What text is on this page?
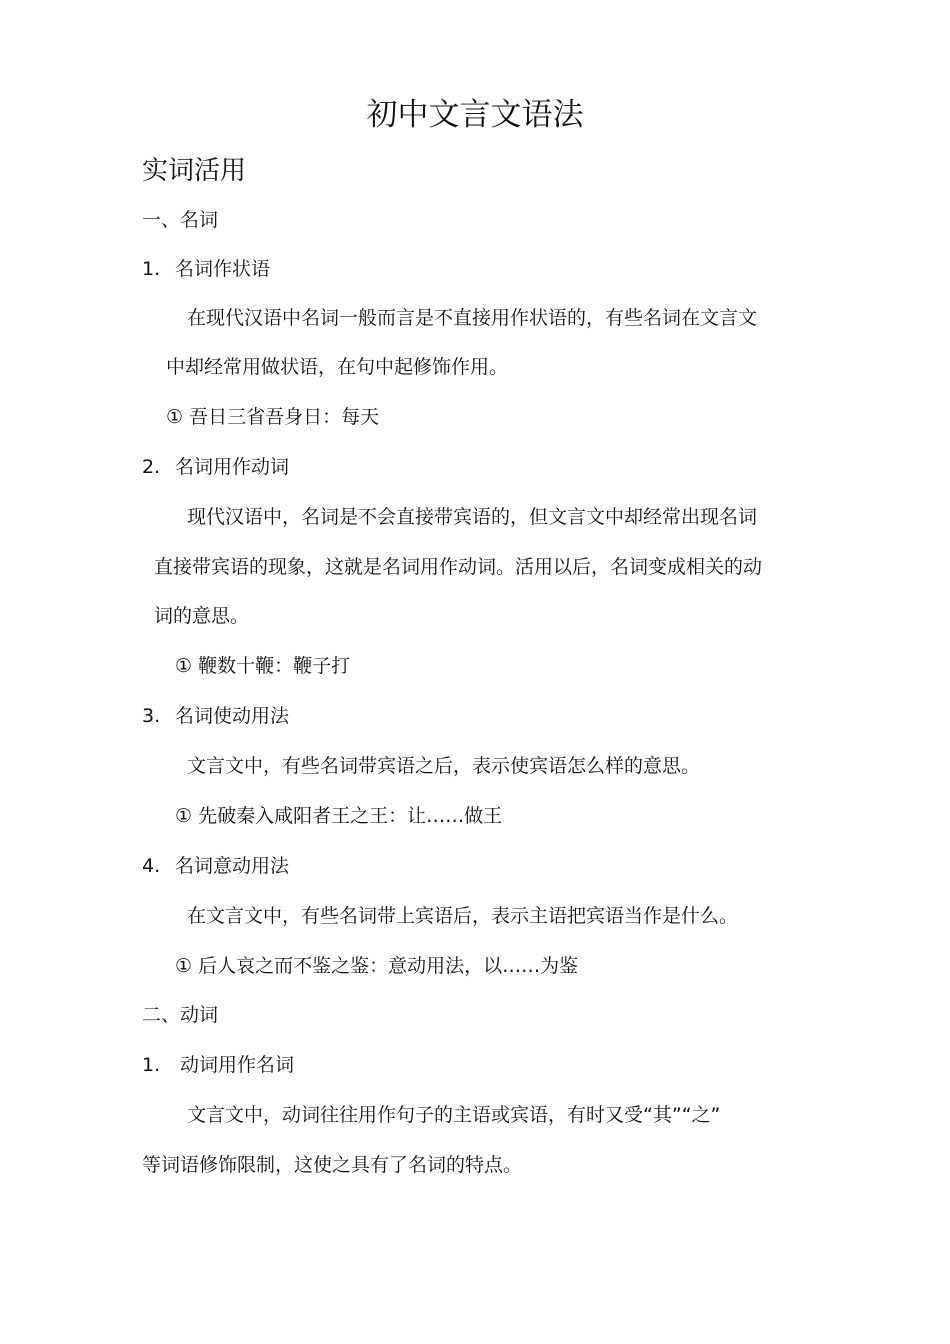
初中文言文语法
实词活用
一、名词
1. 名词作状语
在现代汉语中名词一般而言是不直接用作状语的，有些名词在文言文
中却经常用做状语，在句中起修饰作用。
① 吾日三省吾身日：每天
2. 名词用作动词
现代汉语中，名词是不会直接带宾语的，但文言文中却经常出现名词
直接带宾语的现象，这就是名词用作动词。活用以后，名词变成相关的动
词的意思。
① 鞭数十鞭：鞭子打
3. 名词使动用法
文言文中，有些名词带宾语之后，表示使宾语怎么样的意思。
① 先破秦入咸阳者王之王：让……做王
4. 名词意动用法
在文言文中，有些名词带上宾语后，表示主语把宾语当作是什么。
① 后人哀之而不鉴之鉴：意动用法，以……为鉴
二、动词
1. 动词用作名词
文言文中，动词往往用作句子的主语或宾语，有时又受“其”“之”
等词语修饰限制，这使之具有了名词的特点。
